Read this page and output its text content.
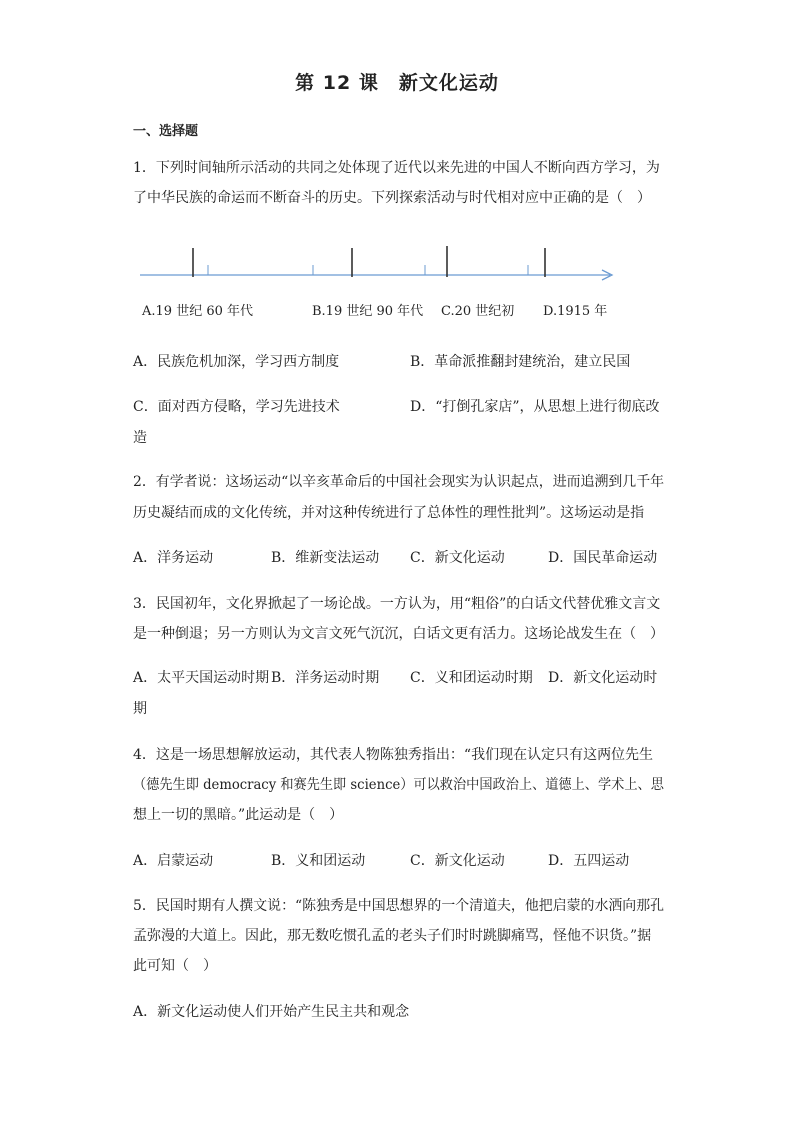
第 12 课　新文化运动
一、选择题
1．下列时间轴所示活动的共同之处体现了近代以来先进的中国人不断向西方学习，为
了中华民族的命运而不断奋斗的历史。下列探索活动与时代相对应中正确的是（　）
A.19 世纪 60 年代	B.19 世纪 90 年代 C.20 世纪初 D.1915 年
A．民族危机加深，学习西方制度	B．革命派推翻封建统治，建立民国
C．面对西方侵略，学习先进技术	D．“打倒孔家店”，从思想上进行彻底改
造
2．有学者说：这场运动“以辛亥革命后的中国社会现实为认识起点，进而追溯到几千年
历史凝结而成的文化传统，并对这种传统进行了总体性的理性批判”。这场运动是指
A．洋务运动	B．维新变法运动 C．新文化运动	D．国民革命运动
3．民国初年，文化界掀起了一场论战。一方认为，用“粗俗”的白话文代替优雅文言文
是一种倒退；另一方则认为文言文死气沉沉，白话文更有活力。这场论战发生在（　）
A．太平天国运动时期 B．洋务运动时期 C．义和团运动时期 D．新文化运动时
期
4．这是一场思想解放运动，其代表人物陈独秀指出：“我们现在认定只有这两位先生
（德先生即 democracy 和赛先生即 science）可以救治中国政治上、道德上、学术上、思
想上一切的黑暗。”此运动是（　）
A．启蒙运动	B．义和团运动	C．新文化运动	D．五四运动
5．民国时期有人撰文说：“陈独秀是中国思想界的一个清道夫，他把启蒙的水洒向那孔
孟弥漫的大道上。因此，那无数吃惯孔孟的老头子们时时跳脚痛骂，怪他不识货。”据
此可知（　）
A．新文化运动使人们开始产生民主共和观念
